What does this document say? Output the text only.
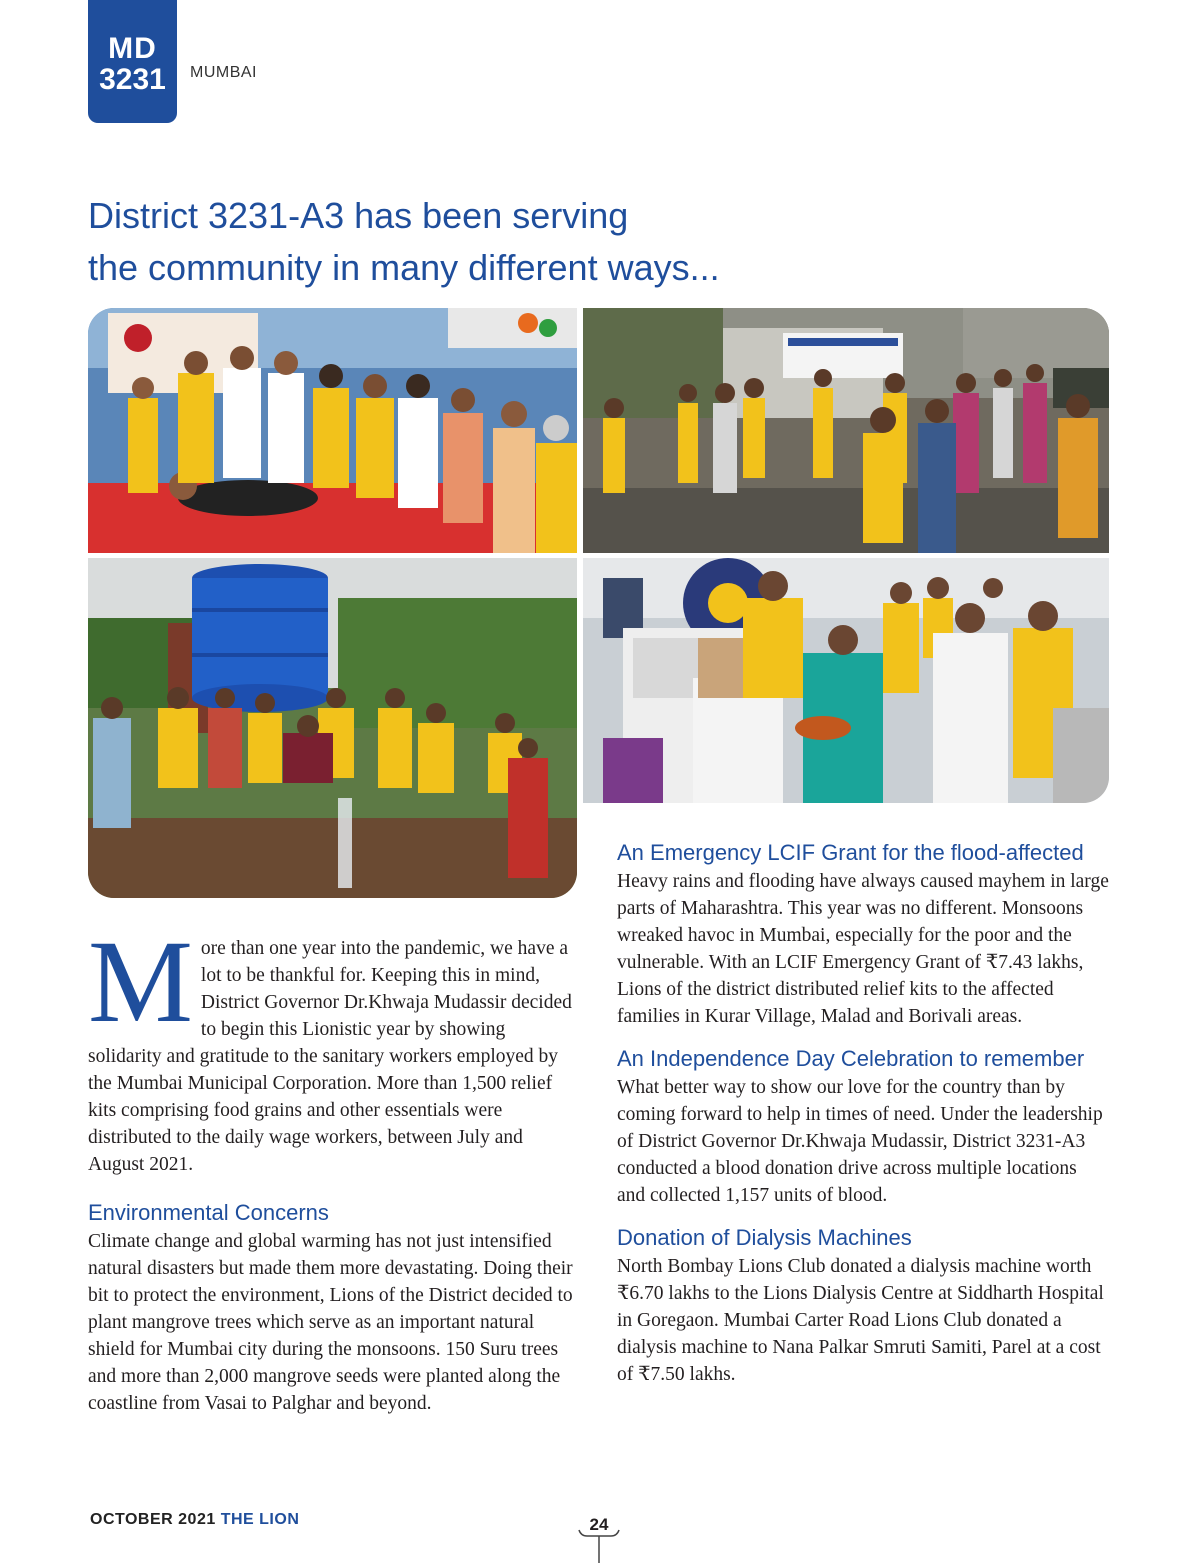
MD
3231	MUMBAI
District 3231-A3 has been serving
the community in many different ways...

More than one year into the pandemic, we have a lot to be thankful for. Keeping this in mind, District Governor Dr.Khwaja Mudassir decided to begin this Lionistic year by showing solidarity and gratitude to the sanitary workers employed by the Mumbai Municipal Corporation. More than 1,500 relief kits comprising food grains and other essentials were distributed to the daily wage workers, between July and August 2021.

Environmental Concerns

Climate change and global warming has not just intensified natural disasters but made them more devastating. Doing their bit to protect the environment, Lions of the District decided to plant mangrove trees which serve as an important natural shield for Mumbai city during the monsoons. 150 Suru trees and more than 2,000 mangrove seeds were planted along the coastline from Vasai to Palghar and beyond.

An Emergency LCIF Grant for the flood-affected

Heavy rains and flooding have always caused mayhem in large parts of Maharashtra. This year was no different. Monsoons wreaked havoc in Mumbai, especially for the poor and the vulnerable. With an LCIF Emergency Grant of ₹7.43 lakhs, Lions of the district distributed relief kits to the affected families in Kurar Village, Malad and Borivali areas.

An Independence Day Celebration to remember

What better way to show our love for the country than by coming forward to help in times of need. Under the leadership of District Governor Dr.Khwaja Mudassir, District 3231-A3 conducted a blood donation drive across multiple locations and collected 1,157 units of blood.

Donation of Dialysis Machines

North Bombay Lions Club donated a dialysis machine worth ₹6.70 lakhs to the Lions Dialysis Centre at Siddharth Hospital in Goregaon. Mumbai Carter Road Lions Club donated a dialysis machine to Nana Palkar Smruti Samiti, Parel at a cost of ₹7.50 lakhs.

OCTOBER 2021 THE LION	24
